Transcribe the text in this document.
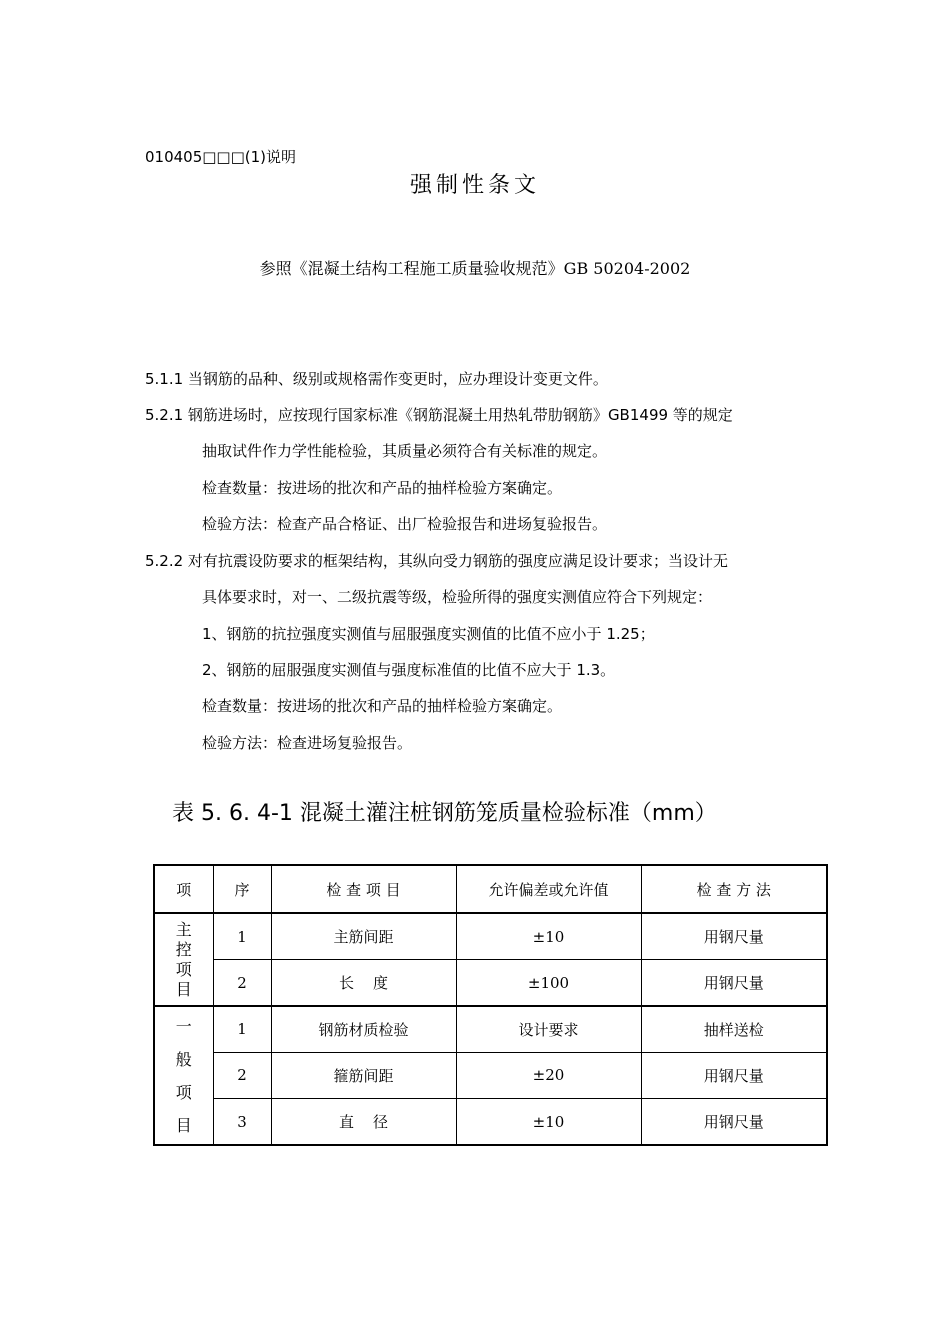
010405□□□(1)说明
强制性条文
参照《混凝土结构工程施工质量验收规范》GB 50204-2002
5.1.1 当钢筋的品种、级别或规格需作变更时，应办理设计变更文件。
5.2.1 钢筋进场时，应按现行国家标准《钢筋混凝土用热轧带肋钢筋》GB1499 等的规定
抽取试件作力学性能检验，其质量必须符合有关标准的规定。
检查数量：按进场的批次和产品的抽样检验方案确定。
检验方法：检查产品合格证、出厂检验报告和进场复验报告。
5.2.2 对有抗震设防要求的框架结构，其纵向受力钢筋的强度应满足设计要求；当设计无
具体要求时，对一、二级抗震等级，检验所得的强度实测值应符合下列规定：
1、钢筋的抗拉强度实测值与屈服强度实测值的比值不应小于 1.25；
2、钢筋的屈服强度实测值与强度标准值的比值不应大于 1.3。
检查数量：按进场的批次和产品的抽样检验方案确定。
检验方法：检查进场复验报告。
表 5. 6. 4-1 混凝土灌注桩钢筋笼质量检验标准（mm）
项	序	检 查 项 目	允许偏差或允许值	检 查 方 法

主
控
项
目	1	主筋间距	±10	用钢尺量
	2	长    度	±100	用钢尺量

一
般
项
目	1	钢筋材质检验	设计要求	抽样送检
	2	箍筋间距	±20	用钢尺量
	3	直    径	±10	用钢尺量
